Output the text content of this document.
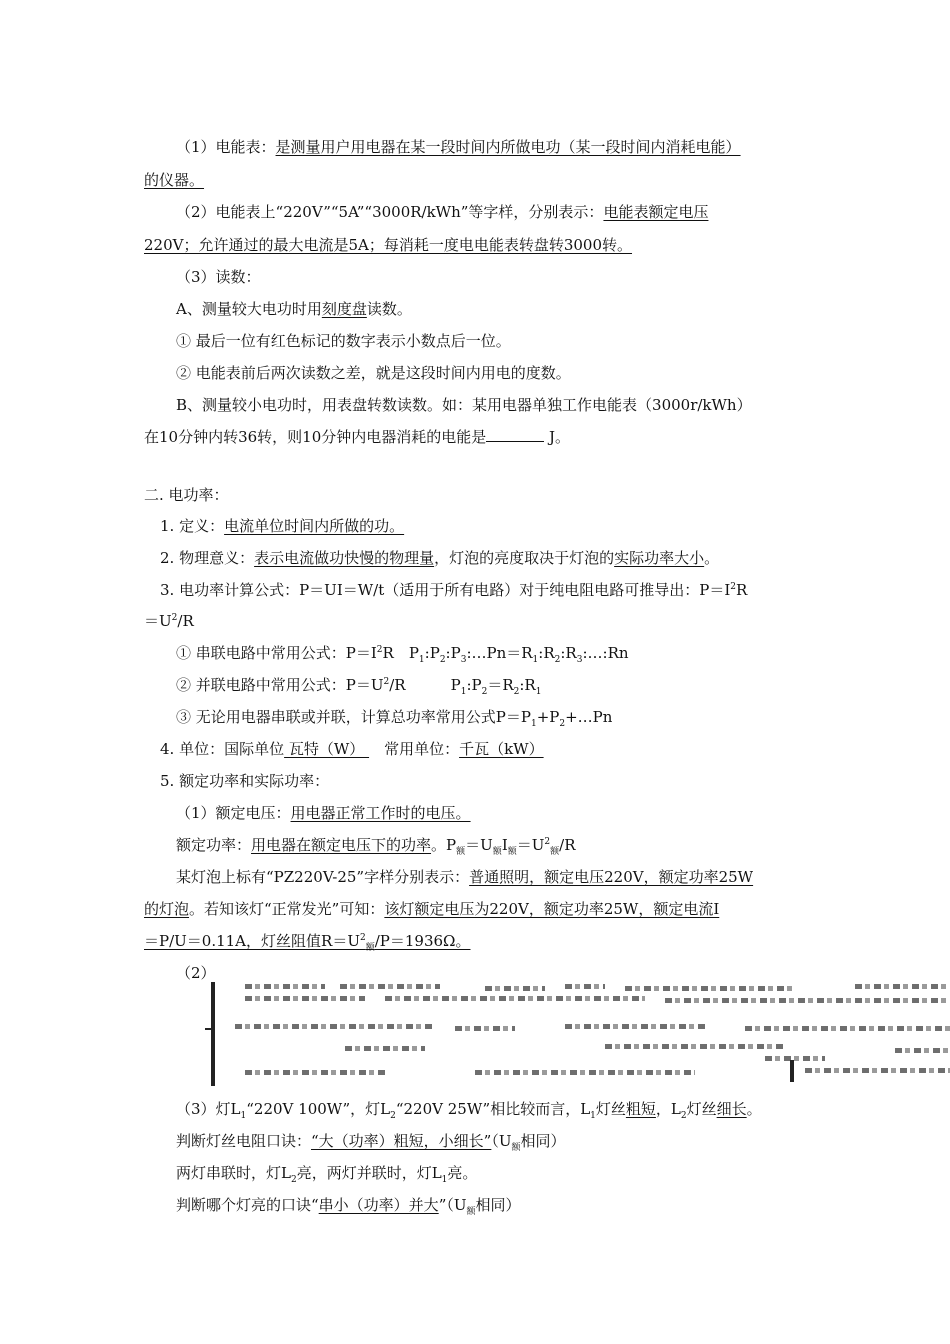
（1）电能表：是测量用户用电器在某一段时间内所做电功（某一段时间内消耗电能）
的仪器。
（2）电能表上“220V”“5A”“3000R/kWh”等字样，分别表示：电能表额定电压
220V；允许通过的最大电流是5A；每消耗一度电电能表转盘转3000转。
（3）读数：
A、测量较大电功时用刻度盘读数。
① 最后一位有红色标记的数字表示小数点后一位。
② 电能表前后两次读数之差，就是这段时间内用电的度数。
B、测量较小电功时，用表盘转数读数。如：某用电器单独工作电能表（3000r/kWh）
在10分钟内转36转，则10分钟内电器消耗的电能是	J。
二. 电功率：
1. 定义：电流单位时间内所做的功。
2. 物理意义：表示电流做功快慢的物理量，灯泡的亮度取决于灯泡的实际功率大小。
3. 电功率计算公式：P＝UI＝W/t（适用于所有电路）对于纯电阻电路可推导出：$P=I^2R$
$=U^2/R$
① 串联电路中常用公式：$P=I^2R$　$P_1:P_2:P_3:\dots Pn=R_1:R_2:R_3:\dots:Rn$
② 并联电路中常用公式：$P=U^2/R$　　　$P_1:P_2=R_2:R_1$
③ 无论用电器串联或并联，计算总功率常用公式$P=P_1+P_2+\dots Pn$
4. 单位：国际单位 瓦特（W） 　常用单位：千瓦（kW）
5. 额定功率和实际功率：
（1）额定电压：用电器正常工作时的电压。
额定功率：用电器在额定电压下的功率。$P_额=U_额I_额=U^2_额/R$
某灯泡上标有“PZ220V-25”字样分别表示：普通照明，额定电压220V，额定功率25W
的灯泡。若知该灯“正常发光”可知：该灯额定电压为220V，额定功率25W，额定电流I
＝P/U＝0.11A，灯丝阻值$R=U^2_额/P=1936\Omega$。
（2）
（3）灯$L_1“220V$ 100W”，灯$L_2“220V$ 25W”相比较而言，$L_1$灯丝粗短，$L_2$灯丝细长。
判断灯丝电阻口诀：“大（功率）粗短，小细长$”(U_额$相同）
两灯串联时，灯$L_2$亮，两灯并联时，灯$L_1$亮。
判断哪个灯亮的口诀“串小（功率）并大$”(U_额$相同）
